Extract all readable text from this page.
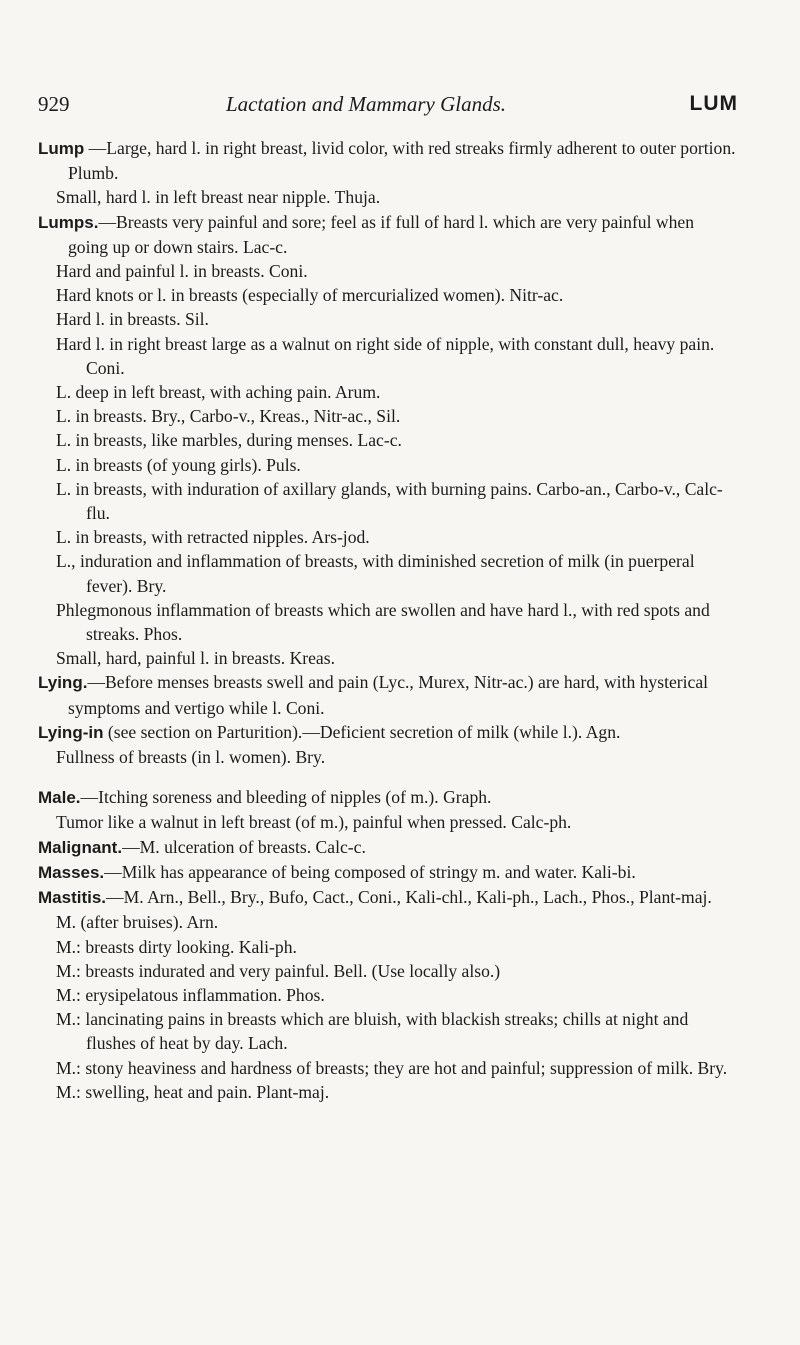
929	Lactation and Mammary Glands.	LUM

Lump —Large, hard l. in right breast, livid color, with red streaks firmly adherent to outer portion. Plumb.

Small, hard l. in left breast near nipple. Thuja.

Lumps.—Breasts very painful and sore; feel as if full of hard l. which are very painful when going up or down stairs. Lac-c.

Hard and painful l. in breasts. Coni.

Hard knots or l. in breasts (especially of mercurialized women). Nitr-ac.

Hard l. in breasts. Sil.

Hard l. in right breast large as a walnut on right side of nipple, with constant dull, heavy pain. Coni.

L. deep in left breast, with aching pain. Arum.

L. in breasts. Bry., Carbo-v., Kreas., Nitr-ac., Sil.

L. in breasts, like marbles, during menses. Lac-c.

L. in breasts (of young girls). Puls.

L. in breasts, with induration of axillary glands, with burning pains. Carbo-an., Carbo-v., Calc-flu.

L. in breasts, with retracted nipples. Ars-jod.

L., induration and inflammation of breasts, with diminished secretion of milk (in puerperal fever). Bry.

Phlegmonous inflammation of breasts which are swollen and have hard l., with red spots and streaks. Phos.

Small, hard, painful l. in breasts. Kreas.

Lying.—Before menses breasts swell and pain (Lyc., Murex, Nitr-ac.) are hard, with hysterical symptoms and vertigo while l. Coni.

Lying-in (see section on Parturition).—Deficient secretion of milk (while l.). Agn.

Fullness of breasts (in l. women). Bry.

Male.—Itching soreness and bleeding of nipples (of m.). Graph.

Tumor like a walnut in left breast (of m.), painful when pressed. Calc-ph.

Malignant.—M. ulceration of breasts. Calc-c.

Masses.—Milk has appearance of being composed of stringy m. and water. Kali-bi.

Mastitis.—M. Arn., Bell., Bry., Bufo, Cact., Coni., Kali-chl., Kali-ph., Lach., Phos., Plant-maj.

M. (after bruises). Arn.

M.: breasts dirty looking. Kali-ph.

M.: breasts indurated and very painful. Bell. (Use locally also.)

M.: erysipelatous inflammation. Phos.

M.: lancinating pains in breasts which are bluish, with blackish streaks; chills at night and flushes of heat by day. Lach.

M.: stony heaviness and hardness of breasts; they are hot and painful; suppression of milk. Bry.

M.: swelling, heat and pain. Plant-maj.
